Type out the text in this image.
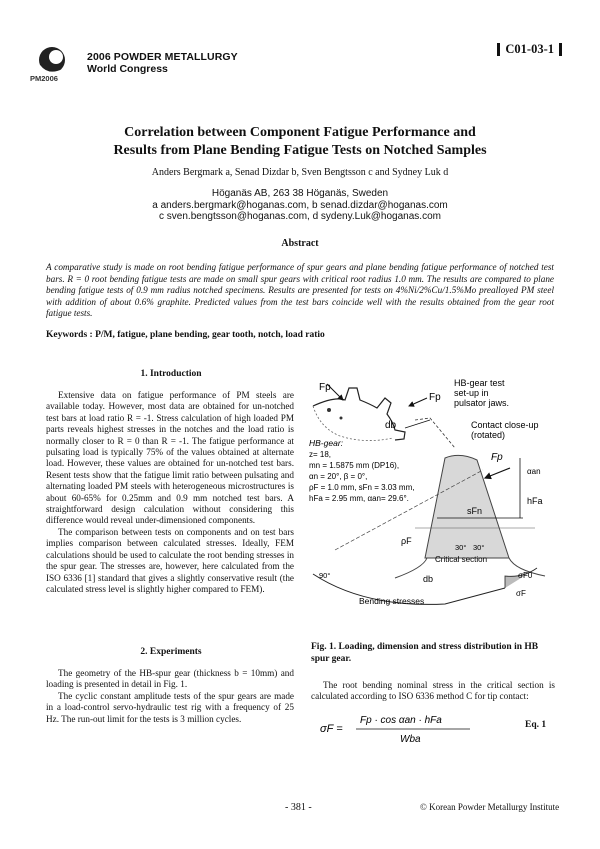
PM2006
2006 POWDER METALLURGY
World Congress
C01-03-1
Correlation between Component Fatigue Performance and
Results from Plane Bending Fatigue Tests on Notched Samples
Anders Bergmark a, Senad Dizdar b, Sven Bengtsson c and Sydney Luk d
Höganäs AB, 263 38 Höganäs, Sweden
a anders.bergmark@hoganas.com, b senad.dizdar@hoganas.com
c sven.bengtsson@hoganas.com, d sydeny.Luk@hoganas.com
Abstract
A comparative study is made on root bending fatigue performance of spur gears and plane bending fatigue performance of notched test bars. R = 0 root bending fatigue tests are made on small spur gears with critical root radius 1.0 mm. The results are compared to plane bending fatigue tests of 0.9 mm radius notched specimens. Results are presented for tests on 4%Ni/2%Cu/1.5%Mo prealloyed PM steel with addition of about 0.6% graphite. Predicted values from the test bars coincide well with the results obtained from the gear root fatigue tests.
Keywords : P/M, fatigue, plane bending, gear tooth, notch, load ratio
1. Introduction

Extensive data on fatigue performance of PM steels are available today. However, most data are obtained for un-notched test bars at load ratio R = -1. Stress calculation of high loaded PM parts reveals highest stresses in the notches and the load ratio is normally closer to R = 0 than R = -1. The fatigue performance at pulsating load is typically 75% of the values obtained at alternate load. However, these values are obtained for un-notched test bars. Resent tests show that the fatigue limit ratio between pulsating and alternating loaded PM steels with heterogeneous microstructures is about 60-65% for 0.25mm and 0.9 mm notched test bars. A straightforward design calculation without considering this difference would reveal under-dimensioned components.

The comparison between tests on components and on test bars implies comparison between calculated stresses. Ideally, FEM calculations should be used to calculate the root bending stresses in the spur gear. The stresses are, however, here calculated from the ISO 6336 [1] standard that gives a slightly conservative result (the calculated stress level is slightly higher compared to FEM).

2. Experiments

The geometry of the HB-spur gear (thickness b = 10mm) and loading is presented in detail in Fig. 1.

The cyclic constant amplitude tests of the spur gears are made in a load-control servo-hydraulic test rig with a frequency of 25 Hz. The run-out limit for the tests is 3 million cycles.

Fp
Fp
HB-gear test
set-up in
pulsator jaws.
db	Contact close-up
(rotated)
HB-gear:
z= 18,
mn = 1.5875 mm (DP16),
αn = 20°, β = 0°,
ρF = 1.0 mm, sFn = 3.03 mm,
hFa = 2.95 mm, αan= 29.6°.
Fp
αan
sFn
hFa
ρF
30° 30°
Critical section
90°	db	σF0
σF
Bending stresses
Fig. 1. Loading, dimension and stress distribution in HB spur gear.

The root bending nominal stress in the critical section is calculated according to ISO 6336 method C for tip contact:

σF =
Fp · cos αan · hFa
Wba
Eq. 1
- 381 -	© Korean Powder Metallurgy Institute
